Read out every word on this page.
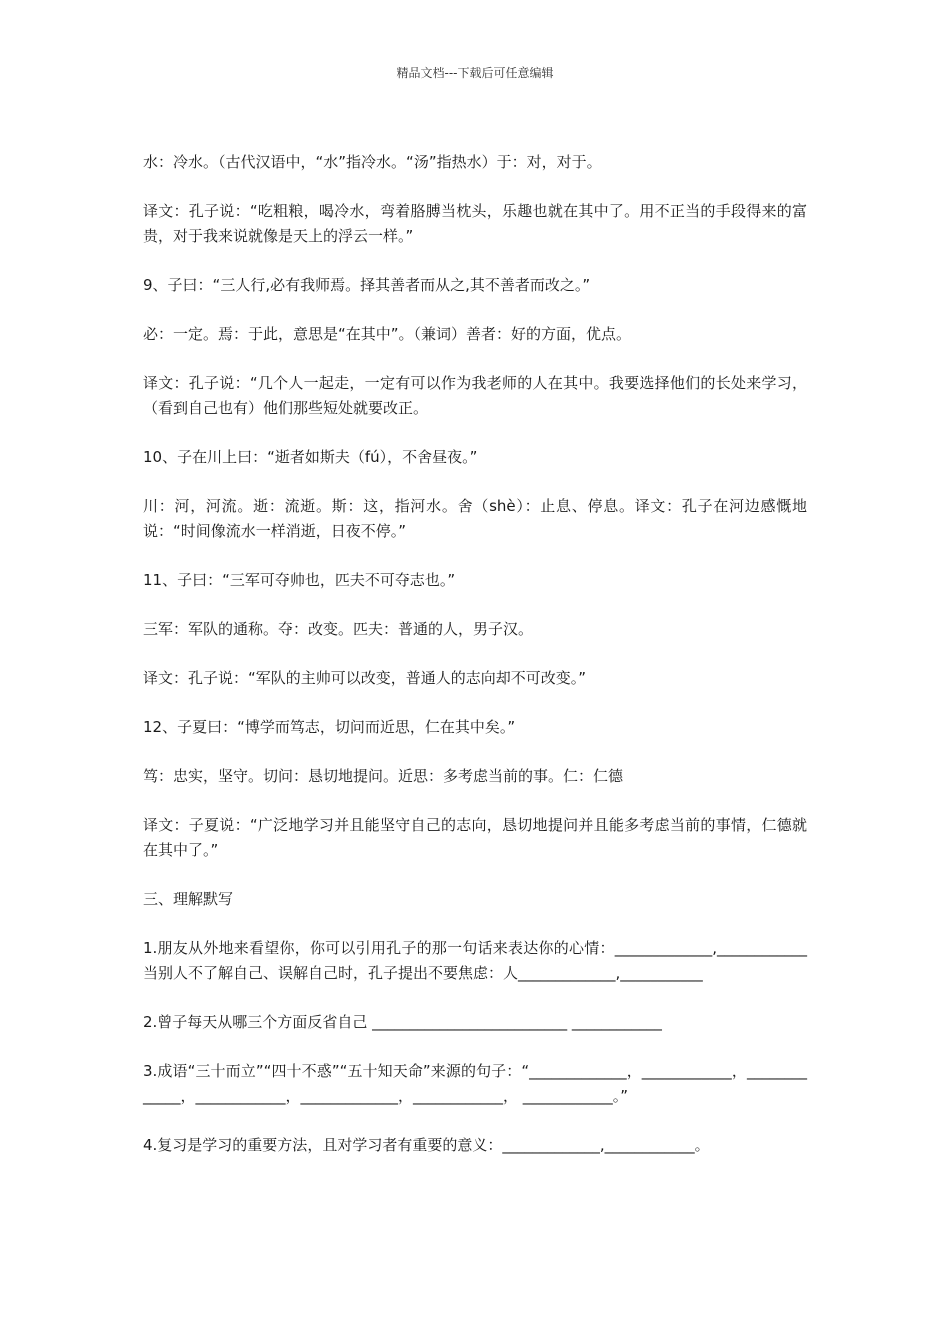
精品文档---下载后可任意编辑

水：冷水。（古代汉语中，“水”指冷水。“汤”指热水）于：对，对于。

译文：孔子说：“吃粗粮，喝冷水，弯着胳膊当枕头，乐趣也就在其中了。用不正当的手段得来的富贵，对于我来说就像是天上的浮云一样。”

9、子曰：“三人行,必有我师焉。择其善者而从之,其不善者而改之。”

必：一定。焉：于此，意思是“在其中”。（兼词）善者：好的方面，优点。

译文：孔子说：“几个人一起走，一定有可以作为我老师的人在其中。我要选择他们的长处来学习，（看到自己也有）他们那些短处就要改正。

10、子在川上曰：“逝者如斯夫（fú），不舍昼夜。”

川：河，河流。逝：流逝。斯：这，指河水。舍（shè）：止息、停息。译文：孔子在河边感慨地说：“时间像流水一样消逝，日夜不停。”

11、子曰：“三军可夺帅也，匹夫不可夺志也。”

三军：军队的通称。夺：改变。匹夫：普通的人，男子汉。

译文：孔子说：“军队的主帅可以改变，普通人的志向却不可改变。”

12、子夏曰：“博学而笃志，切问而近思，仁在其中矣。”

笃：忠实，坚守。切问：恳切地提问。近思：多考虑当前的事。仁：仁德

译文：子夏说：“广泛地学习并且能坚守自己的志向，恳切地提问并且能多考虑当前的事情，仁德就在其中了。”

三、理解默写

1.朋友从外地来看望你，你可以引用孔子的那一句话来表达你的心情：_____________,____________当别人不了解自己、误解自己时，孔子提出不要焦虑：人_____________,___________

2.曾子每天从哪三个方面反省自己 __________________________ ____________

3.成语“三十而立”“四十不惑”“五十知天命”来源的句子：“_____________，____________，_____________，____________，_____________，____________， ____________。”

4.复习是学习的重要方法，且对学习者有重要的意义：_____________,____________。
